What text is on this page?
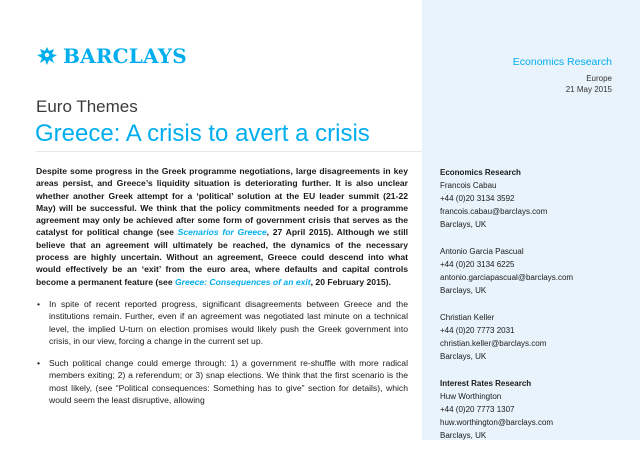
BARCLAYS
Euro Themes
Greece: A crisis to avert a crisis
Economics Research
Europe
21 May 2015

Despite some progress in the Greek programme negotiations, large disagreements in key areas persist, and Greece’s liquidity situation is deteriorating further. It is also unclear whether another Greek attempt for a ‘political’ solution at the EU leader summit (21-22 May) will be successful. We think that the policy commitments needed for a programme agreement may only be achieved after some form of government crisis that serves as the catalyst for political change (see Scenarios for Greece, 27 April 2015). Although we still believe that an agreement will ultimately be reached, the dynamics of the necessary process are highly uncertain. Without an agreement, Greece could descend into what would effectively be an ‘exit’ from the euro area, where defaults and capital controls become a permanent feature (see Greece: Consequences of an exit, 20 February 2015).

• In spite of recent reported progress, significant disagreements between Greece and the institutions remain. Further, even if an agreement was negotiated last minute on a technical level, the implied U-turn on election promises would likely push the Greek government into crisis, in our view, forcing a change in the current set up.
• Such political change could emerge through: 1) a government re-shuffle with more radical members exiting; 2) a referendum; or 3) snap elections. We think that the first scenario is the most likely, (see “Political consequences: Something has to give” section for details), which would seem the least disruptive, allowing
Economics Research
Francois Cabau
+44 (0)20 3134 3592
francois.cabau@barclays.com
Barclays, UK
Antonio Garcia Pascual
+44 (0)20 3134 6225
antonio.garciapascual@barclays.com
Barclays, UK
Christian Keller
+44 (0)20 7773 2031
christian.keller@barclays.com
Barclays, UK
Interest Rates Research
Huw Worthington
+44 (0)20 7773 1307
huw.worthington@barclays.com
Barclays, UK
